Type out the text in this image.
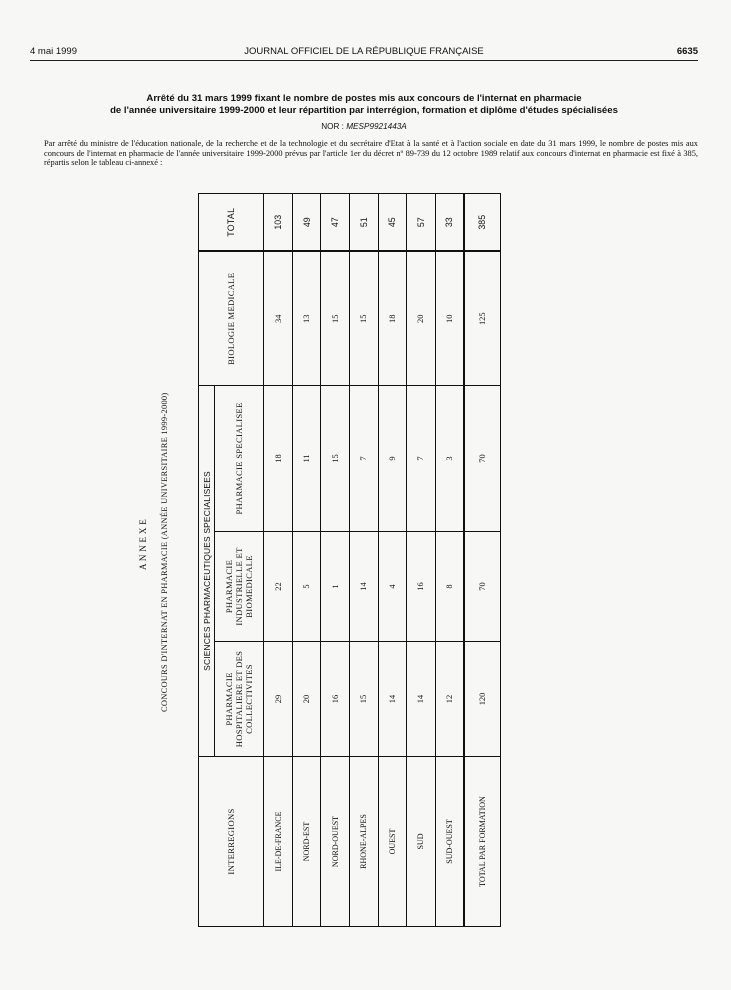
4 mai 1999	JOURNAL OFFICIEL DE LA RÉPUBLIQUE FRANÇAISE	6635
Arrêté du 31 mars 1999 fixant le nombre de postes mis aux concours de l'internat en pharmacie
de l'année universitaire 1999-2000 et leur répartition par interrégion, formation et diplôme d'études spécialisées
NOR : MESP9921443A
Par arrêté du ministre de l'éducation nationale, de la recherche et de la technologie et du secrétaire d'Etat à la santé et à l'action sociale en date du 31 mars 1999, le nombre de postes mis aux concours de l'internat en pharmacie de l'année universitaire 1999-2000 prévus par l'article 1er du décret nº 89-739 du 12 octobre 1989 relatif aux concours d'internat en pharmacie est fixé à 385, répartis selon le tableau ci-annexé :
A N N E X E CONCOURS D'INTERNAT EN PHARMACIE (ANNÉE UNIVERSITAIRE 1999-2000)
INTERREGIONS	SCIENCES PHARMACEUTIQUES SPECIALISEES			BIOLOGIE MEDICALE	TOTAL
	PHARMACIE HOSPITALIERE ET DES COLLECTIVITES	PHARMACIE INDUSTRIELLE ET BIOMEDICALE	PHARMACIE SPECIALISEE		
ILE-DE-FRANCE	29	22	18	34	103
NORD-EST	20	5	11	13	49
NORD-OUEST	16	1	15	15	47
RHONE-ALPES	15	14	7	15	51
OUEST	14	4	9	18	45
SUD	14	16	7	20	57
SUD-OUEST	12	8	3	10	33
TOTAL PAR FORMATION	120	70	70	125	385
